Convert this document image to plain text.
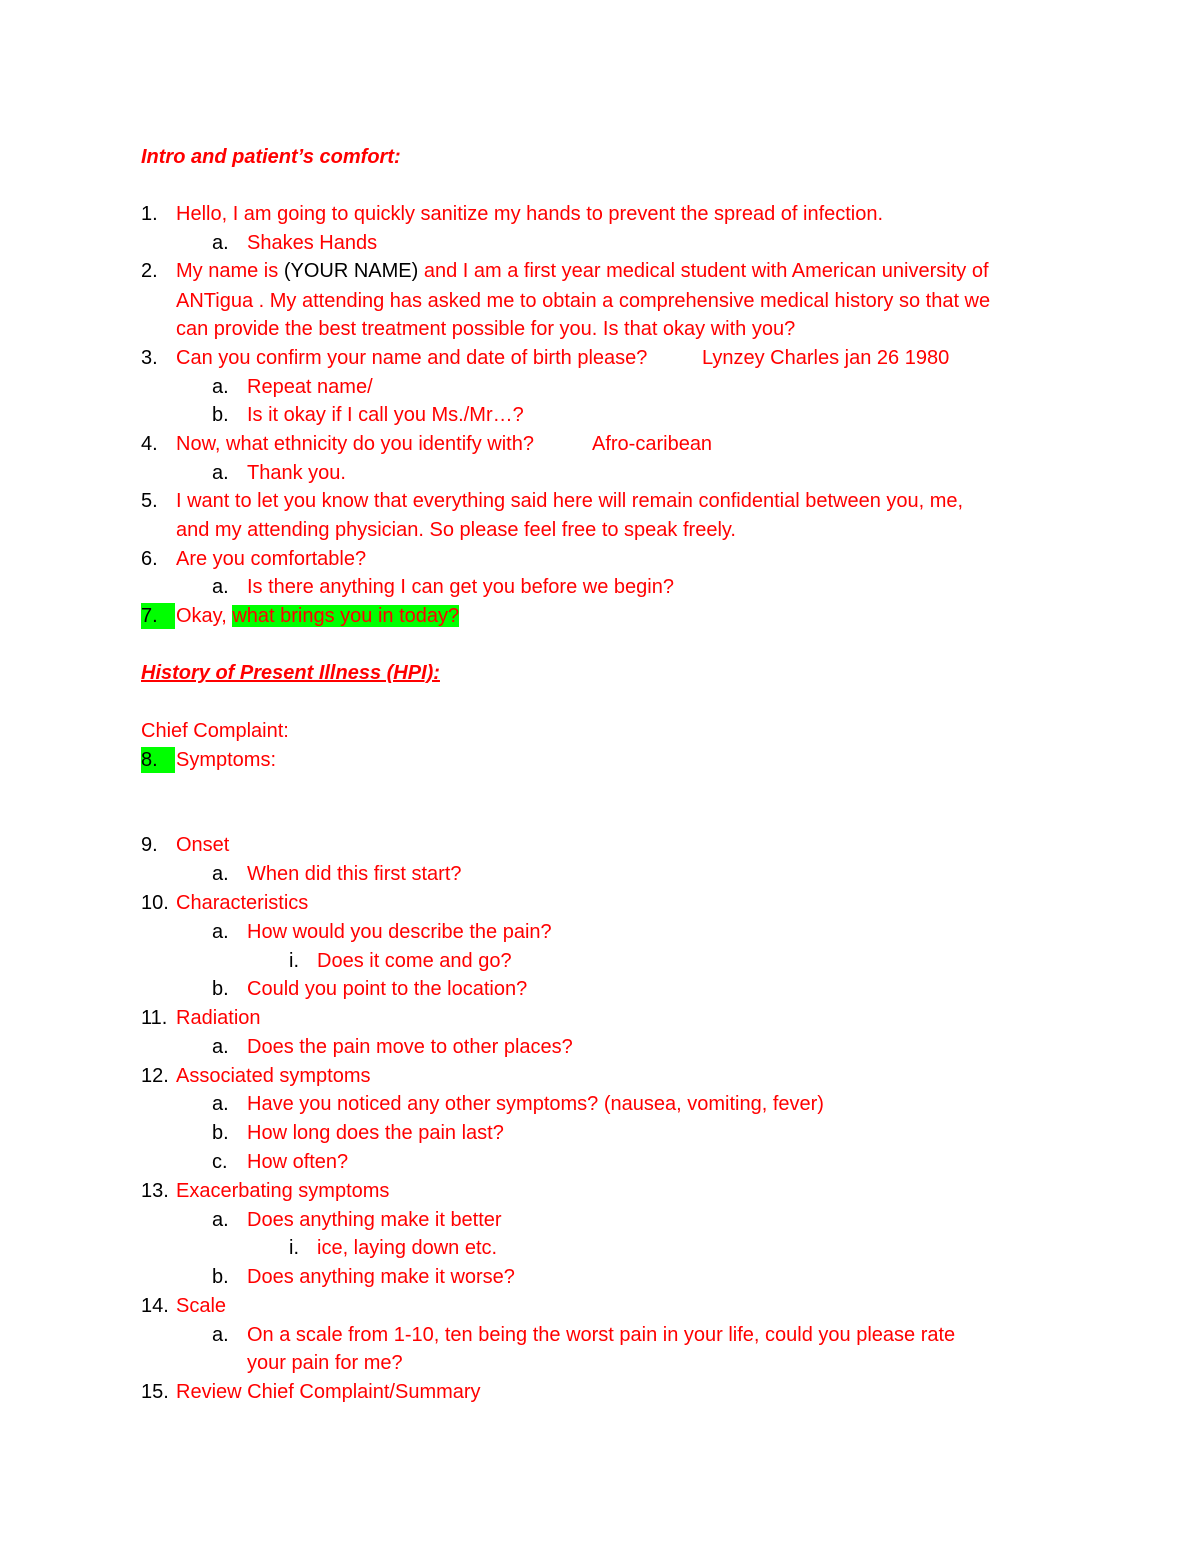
Intro and patient’s comfort:
1. Hello, I am going to quickly sanitize my hands to prevent the spread of infection.
a. Shakes Hands
2. My name is (YOUR NAME) and I am a first year medical student with American university of
ANTigua . My attending has asked me to obtain a comprehensive medical history so that we
can provide the best treatment possible for you. Is that okay with you?
3. Can you confirm your name and date of birth please?	Lynzey Charles jan 26 1980
a. Repeat name/
b. Is it okay if I call you Ms./Mr…?
4. Now, what ethnicity do you identify with?	Afro-caribean
a. Thank you.
5. I want to let you know that everything said here will remain confidential between you, me,
and my attending physician. So please feel free to speak freely.
6. Are you comfortable?
a. Is there anything I can get you before we begin?
7. Okay, what brings you in today?
History of Present Illness (HPI):
Chief Complaint:
8. Symptoms:
9. Onset
a. When did this first start?
10. Characteristics
a. How would you describe the pain?
i. Does it come and go?
b. Could you point to the location?
11. Radiation
a. Does the pain move to other places?
12. Associated symptoms
a. Have you noticed any other symptoms? (nausea, vomiting, fever)
b. How long does the pain last?
c. How often?
13. Exacerbating symptoms
a. Does anything make it better
i. ice, laying down etc.
b. Does anything make it worse?
14. Scale
a. On a scale from 1-10, ten being the worst pain in your life, could you please rate
your pain for me?
15. Review Chief Complaint/Summary
